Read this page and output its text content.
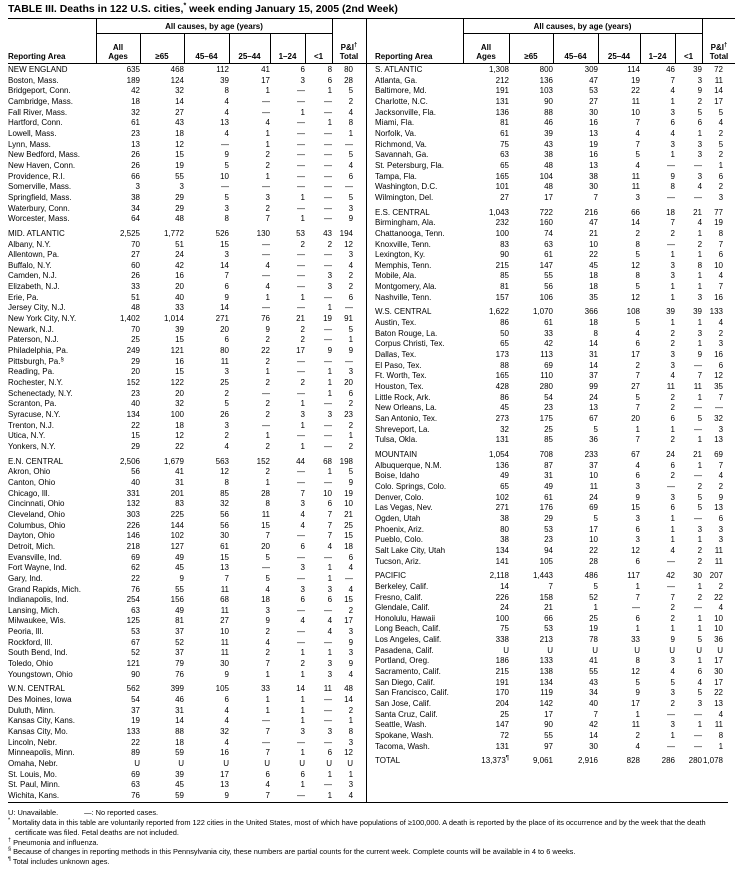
TABLE III. Deaths in 122 U.S. cities,* week ending January 15, 2005 (2nd Week)
Reporting Area	All causes, by age (years)						P&I†
Total
	All
Ages	≥65	45–64	25–44	1–24	<1	
NEW ENGLAND	635	468	112	41	6	8	80
Boston, Mass.	189	124	39	17	3	6	28
Bridgeport, Conn.	42	32	8	1	—	1	5
Cambridge, Mass.	18	14	4	—	—	—	2
Fall River, Mass.	32	27	4	—	1	—	4
Hartford, Conn.	61	43	13	4	—	1	8
Lowell, Mass.	23	18	4	1	—	—	1
Lynn, Mass.	13	12	—	1	—	—	—
New Bedford, Mass.	26	15	9	2	—	—	5
New Haven, Conn.	26	19	5	2	—	—	4
Providence, R.I.	66	55	10	1	—	—	6
Somerville, Mass.	3	3	—	—	—	—	—
Springfield, Mass.	38	29	5	3	1	—	5
Waterbury, Conn.	34	29	3	2	—	—	3
Worcester, Mass.	64	48	8	7	1	—	9
MID. ATLANTIC	2,525	1,772	526	130	53	43	194
Albany, N.Y.	70	51	15	—	2	2	12
Allentown, Pa.	27	24	3	—	—	—	3
Buffalo, N.Y.	60	42	14	4	—	—	4
Camden, N.J.	26	16	7	—	—	3	2
Elizabeth, N.J.	33	20	6	4	—	3	2
Erie, Pa.	51	40	9	1	1	—	6
Jersey City, N.J.	48	33	14	—	—	1	—
New York City, N.Y.	1,402	1,014	271	76	21	19	91
Newark, N.J.	70	39	20	9	2	—	5
Paterson, N.J.	25	15	6	2	2	—	1
Philadelphia, Pa.	249	121	80	22	17	9	9
Pittsburgh, Pa.§	29	16	11	2	—	—	—
Reading, Pa.	20	15	3	1	—	1	3
Rochester, N.Y.	152	122	25	2	2	1	20
Schenectady, N.Y.	23	20	2	—	—	1	6
Scranton, Pa.	40	32	5	2	1	—	2
Syracuse, N.Y.	134	100	26	2	3	3	23
Trenton, N.J.	22	18	3	—	1	—	2
Utica, N.Y.	15	12	2	1	—	—	1
Yonkers, N.Y.	29	22	4	2	1	—	2
E.N. CENTRAL	2,506	1,679	563	152	44	68	198
Akron, Ohio	56	41	12	2	—	1	5
Canton, Ohio	40	31	8	1	—	—	9
Chicago, Ill.	331	201	85	28	7	10	19
Cincinnati, Ohio	132	83	32	8	3	6	10
Cleveland, Ohio	303	225	56	11	4	7	21
Columbus, Ohio	226	144	56	15	4	7	25
Dayton, Ohio	146	102	30	7	—	7	15
Detroit, Mich.	218	127	61	20	6	4	18
Evansville, Ind.	69	49	15	5	—	—	6
Fort Wayne, Ind.	62	45	13	—	3	1	4
Gary, Ind.	22	9	7	5	—	1	—
Grand Rapids, Mich.	76	55	11	4	3	3	4
Indianapolis, Ind.	254	156	68	18	6	6	15
Lansing, Mich.	63	49	11	3	—	—	2
Milwaukee, Wis.	125	81	27	9	4	4	17
Peoria, Ill.	53	37	10	2	—	4	3
Rockford, Ill.	67	52	11	4	—	—	9
South Bend, Ind.	52	37	11	2	1	1	3
Toledo, Ohio	121	79	30	7	2	3	9
Youngstown, Ohio	90	76	9	1	1	3	4
W.N. CENTRAL	562	399	105	33	14	11	48
Des Moines, Iowa	54	46	6	1	1	—	14
Duluth, Minn.	37	31	4	1	1	—	2
Kansas City, Kans.	19	14	4	—	1	—	1
Kansas City, Mo.	133	88	32	7	3	3	8
Lincoln, Nebr.	22	18	4	—	—	—	3
Minneapolis, Minn.	89	59	16	7	1	6	12
Omaha, Nebr.	U	U	U	U	U	U	U
St. Louis, Mo.	69	39	17	6	6	1	1
St. Paul, Minn.	63	45	13	4	1	—	3
Wichita, Kans.	76	59	9	7	—	1	4
Reporting Area	All causes, by age (years)						P&I†
Total
	All
Ages	≥65	45–64	25–44	1–24	<1	
S. ATLANTIC	1,308	800	309	114	46	39	72
Atlanta, Ga.	212	136	47	19	7	3	11
Baltimore, Md.	191	103	53	22	4	9	14
Charlotte, N.C.	131	90	27	11	1	2	17
Jacksonville, Fla.	136	88	30	10	3	5	5
Miami, Fla.	81	46	16	7	6	6	4
Norfolk, Va.	61	39	13	4	4	1	2
Richmond, Va.	75	43	19	7	3	3	5
Savannah, Ga.	63	38	16	5	1	3	2
St. Petersburg, Fla.	65	48	13	4	—	—	1
Tampa, Fla.	165	104	38	11	9	3	6
Washington, D.C.	101	48	30	11	8	4	2
Wilmington, Del.	27	17	7	3	—	—	3
E.S. CENTRAL	1,043	722	216	66	18	21	77
Birmingham, Ala.	232	160	47	14	7	4	19
Chattanooga, Tenn.	100	74	21	2	2	1	8
Knoxville, Tenn.	83	63	10	8	—	2	7
Lexington, Ky.	90	61	22	5	1	1	6
Memphis, Tenn.	215	147	45	12	3	8	10
Mobile, Ala.	85	55	18	8	3	1	4
Montgomery, Ala.	81	56	18	5	1	1	7
Nashville, Tenn.	157	106	35	12	1	3	16
W.S. CENTRAL	1,622	1,070	366	108	39	39	133
Austin, Tex.	86	61	18	5	1	1	4
Baton Rouge, La.	50	33	8	4	2	3	2
Corpus Christi, Tex.	65	42	14	6	2	1	3
Dallas, Tex.	173	113	31	17	3	9	16
El Paso, Tex.	88	69	14	2	3	—	6
Ft. Worth, Tex.	165	110	37	7	4	7	12
Houston, Tex.	428	280	99	27	11	11	35
Little Rock, Ark.	86	54	24	5	2	1	7
New Orleans, La.	45	23	13	7	2	—	—
San Antonio, Tex.	273	175	67	20	6	5	32
Shreveport, La.	32	25	5	1	1	—	3
Tulsa, Okla.	131	85	36	7	2	1	13
MOUNTAIN	1,054	708	233	67	24	21	69
Albuquerque, N.M.	136	87	37	4	6	1	7
Boise, Idaho	49	31	10	6	2	—	4
Colo. Springs, Colo.	65	49	11	3	—	2	2
Denver, Colo.	102	61	24	9	3	5	9
Las Vegas, Nev.	271	176	69	15	6	5	13
Ogden, Utah	38	29	5	3	1	—	6
Phoenix, Ariz.	80	53	17	6	1	3	3
Pueblo, Colo.	38	23	10	3	1	1	3
Salt Lake City, Utah	134	94	22	12	4	2	11
Tucson, Ariz.	141	105	28	6	—	2	11
PACIFIC	2,118	1,443	486	117	42	30	207
Berkeley, Calif.	14	7	5	1	—	1	2
Fresno, Calif.	226	158	52	7	7	2	22
Glendale, Calif.	24	21	1	—	2	—	4
Honolulu, Hawaii	100	66	25	6	2	1	10
Long Beach, Calif.	75	53	19	1	1	1	10
Los Angeles, Calif.	338	213	78	33	9	5	36
Pasadena, Calif.	U	U	U	U	U	U	U
Portland, Oreg.	186	133	41	8	3	1	17
Sacramento, Calif.	215	138	55	12	4	6	30
San Diego, Calif.	191	134	43	5	5	4	17
San Francisco, Calif.	170	119	34	9	3	5	22
San Jose, Calif.	204	142	40	17	2	3	13
Santa Cruz, Calif.	25	17	7	1	—	—	4
Seattle, Wash.	147	90	42	11	3	1	11
Spokane, Wash.	72	55	14	2	1	—	8
Tacoma, Wash.	131	97	30	4	—	—	1
TOTAL	13,373¶	9,061	2,916	828	286	280	1,078
U: Unavailable.	—: No reported cases.
* Mortality data in this table are voluntarily reported from 122 cities in the United States, most of which have populations of ≥100,000. A death is reported by the place of its occurrence and by the week that the death certificate was filed. Fetal deaths are not included.
† Pneumonia and influenza.
§ Because of changes in reporting methods in this Pennsylvania city, these numbers are partial counts for the current week. Complete counts will be available in 4 to 6 weeks.
¶ Total includes unknown ages.
